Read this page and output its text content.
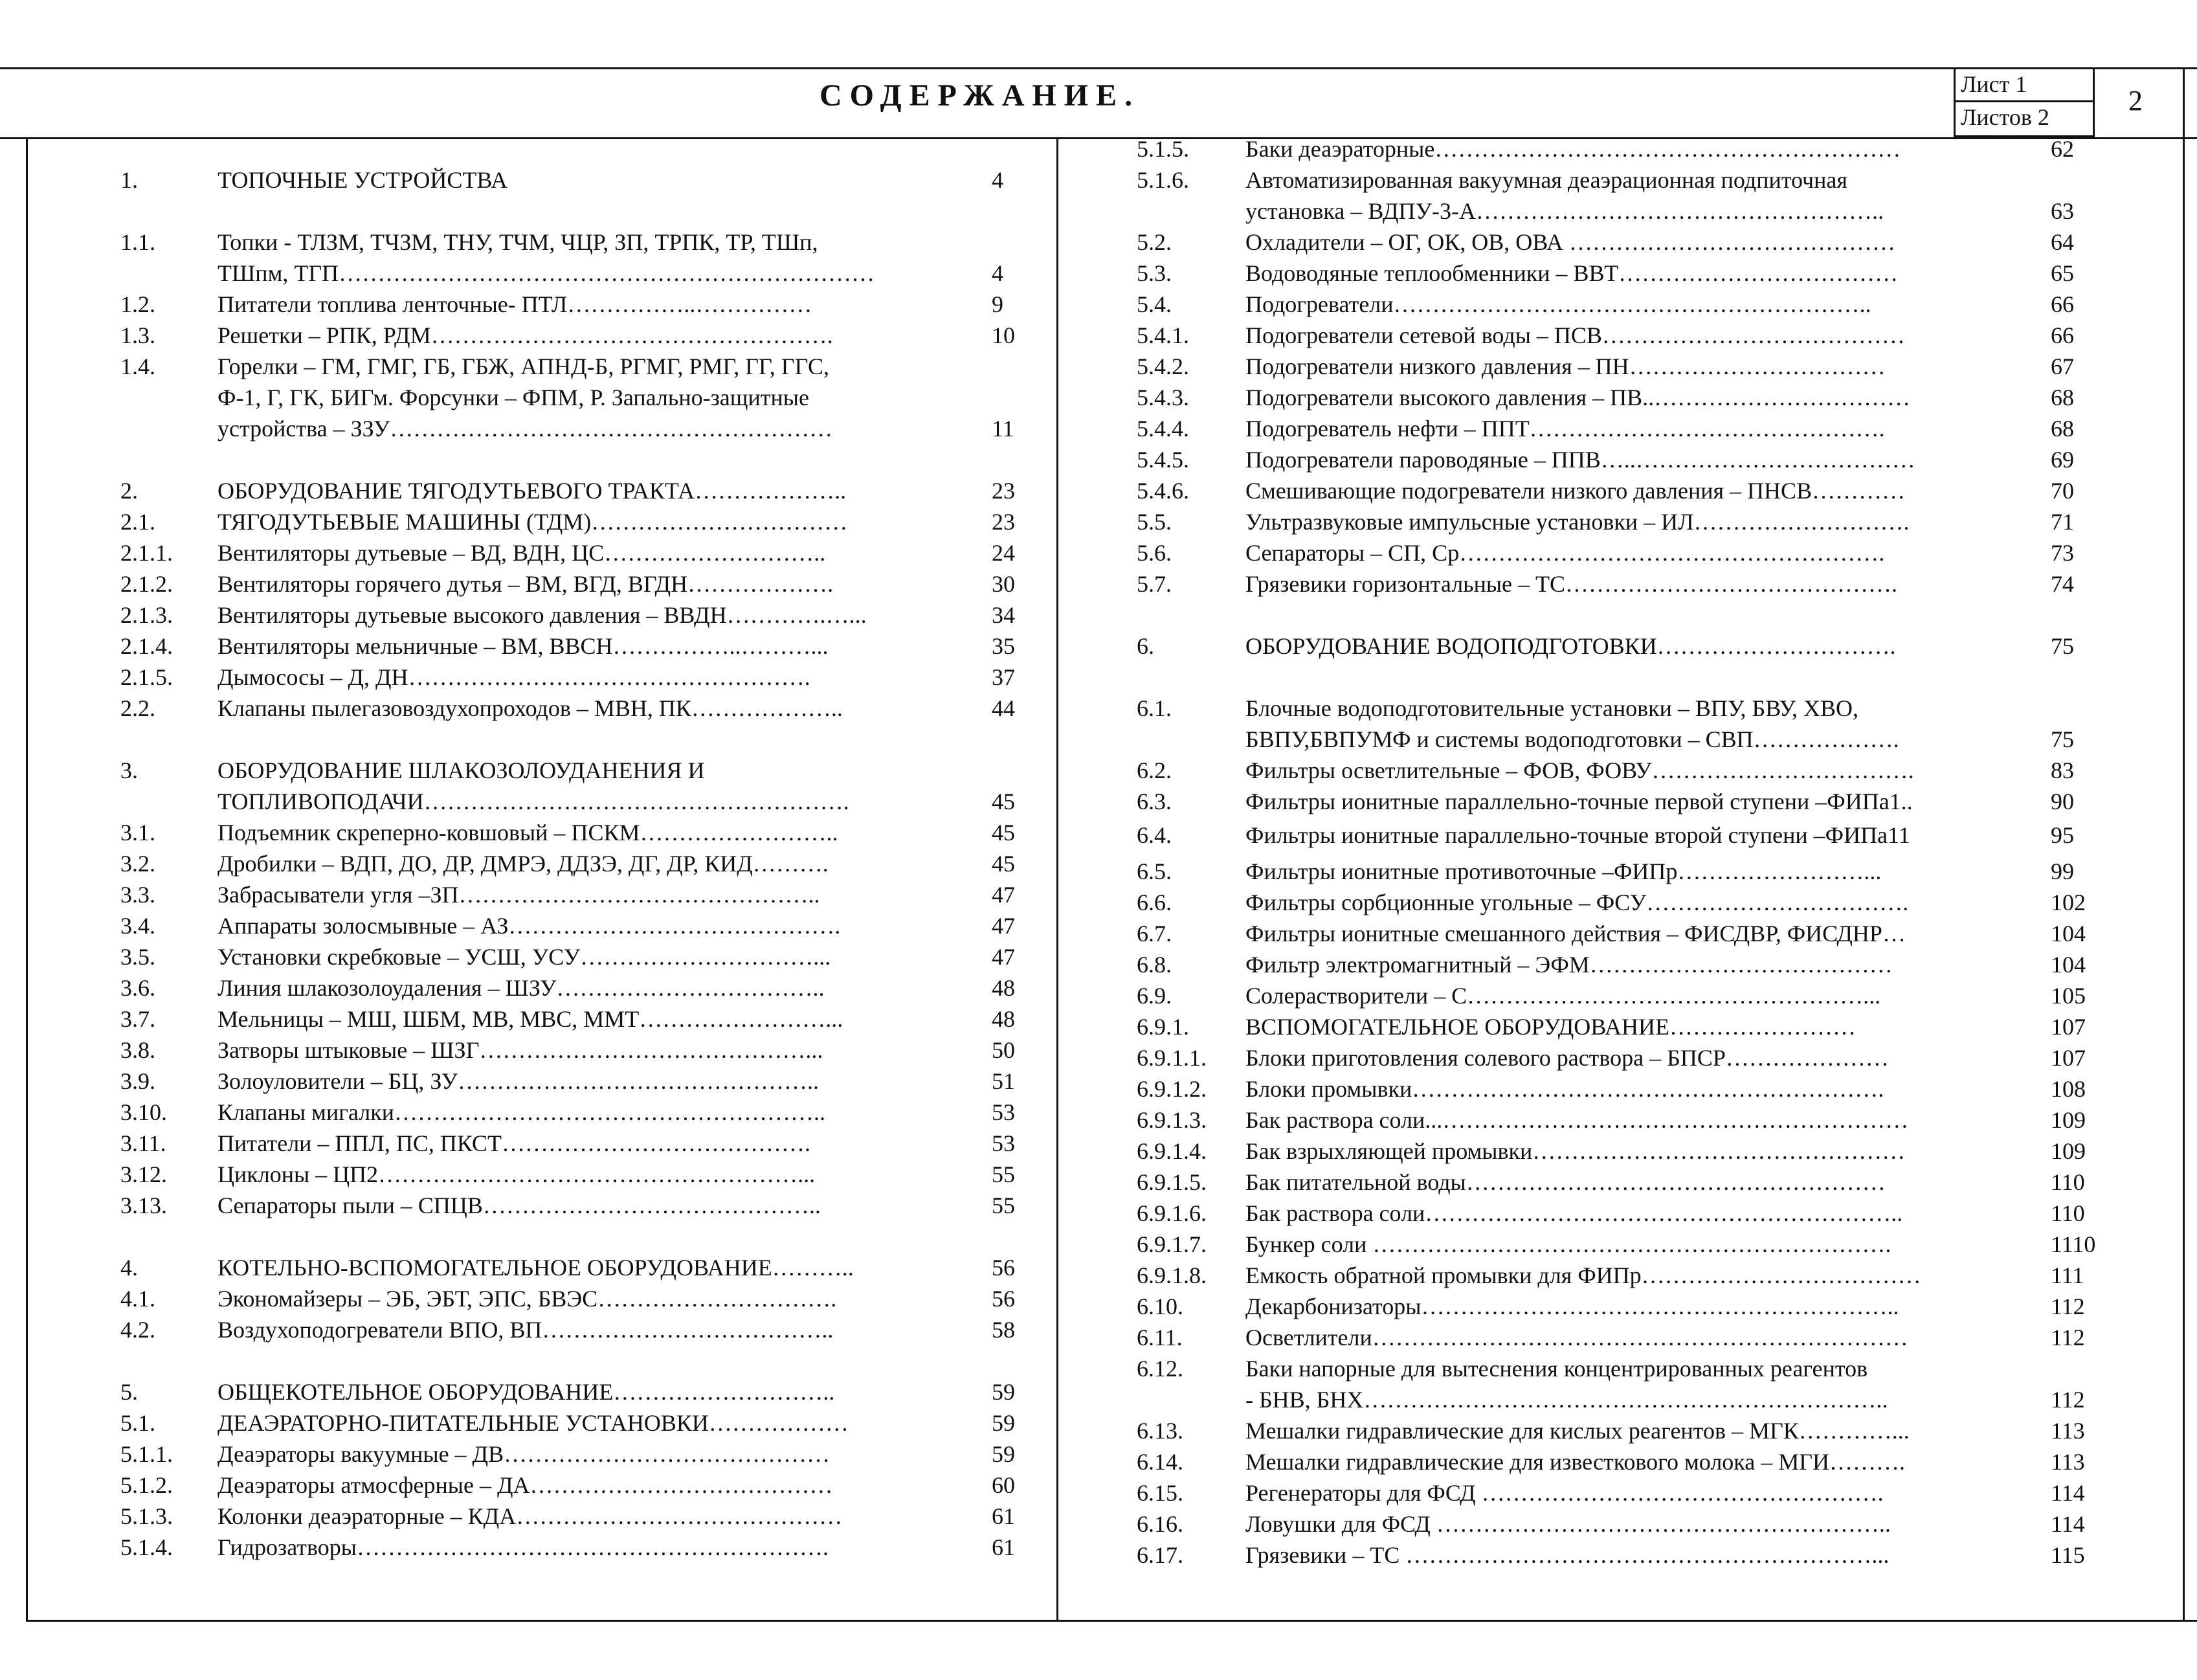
СОДЕРЖАНИЕ.	Лист 1
Листов 2
2
1.	ТОПОЧНЫЕ УСТРОЙСТВА	4
1.1.	Топки - ТЛЗМ, ТЧЗМ, ТНУ, ТЧМ, ЧЦР, ЗП, ТРПК, ТР, ТШп,
ТШпм, ТГП……………………………………………………………	4
1.2.	Питатели топлива ленточные- ПТЛ……………..……………	9
1.3.	Решетки – РПК, РДМ…………………………………………….	10
1.4.	Горелки – ГМ, ГМГ, ГБ, ГБЖ, АПНД-Б, РГМГ, РМГ, ГГ, ГГС,
Ф-1, Г, ГК, БИГм. Форсунки – ФПМ, Р. Запально-защитные
устройства – ЗЗУ…………………………………………………	11
2.	ОБОРУДОВАНИЕ ТЯГОДУТЬЕВОГО ТРАКТА………………..	23
2.1.	ТЯГОДУТЬЕВЫЕ МАШИНЫ (ТДМ)……………………………	23
2.1.1. Вентиляторы дутьевые – ВД, ВДН, ЦС………………………..	24
2.1.2. Вентиляторы горячего дутья – ВМ, ВГД, ВГДН……………….	30
2.1.3. Вентиляторы дутьевые высокого давления – ВВДН………….…...	34
2.1.4. Вентиляторы мельничные – ВМ, ВВСН……………..………...	35
2.1.5. Дымососы – Д, ДН…………………………………………….	37
2.2.	Клапаны пылегазовоздухопроходов – МВН, ПК………………..	44
3.	ОБОРУДОВАНИЕ ШЛАКОЗОЛОУДАНЕНИЯ И
ТОПЛИВОПОДАЧИ……………………………………………….	45
3.1.	Подъемник скреперно-ковшовый – ПСКМ……………………..	45
3.2.	Дробилки – ВДП, ДО, ДР, ДМРЭ, ДДЗЭ, ДГ, ДР, КИД……….	45
3.3.	Забрасыватели угля –ЗП………………………………………..	47
3.4.	Аппараты золосмывные – АЗ…………………………………….	47
3.5.	Установки скребковые – УСШ, УСУ…………………………...	47
3.6.	Линия шлакозолоудаления – ШЗУ……………………………..	48
3.7.	Мельницы – МШ, ШБМ, МВ, МВС, ММТ……………………...	48
3.8.	Затворы штыковые – ШЗГ……………………………………...	50
3.9.	Золоуловители – БЦ, ЗУ………………………………………..	51
3.10. Клапаны мигалки………………………………………………..	53
3.11. Питатели – ППЛ, ПС, ПКСТ………………………………….	53
3.12. Циклоны – ЦП2………………………………………………...	55
3.13. Сепараторы пыли – СПЦВ……………………………………..	55
4.	КОТЕЛЬНО-ВСПОМОГАТЕЛЬНОЕ ОБОРУДОВАНИЕ………..	56
4.1.	Экономайзеры – ЭБ, ЭБТ, ЭПС, БВЭС………………………….	56
4.2.	Воздухоподогреватели ВПО, ВП………………………………..	58
5.	ОБЩЕКОТЕЛЬНОЕ ОБОРУДОВАНИЕ………………………..	59
5.1.	ДЕАЭРАТОРНО-ПИТАТЕЛЬНЫЕ УСТАНОВКИ………………	59
5.1.1. Деаэраторы вакуумные – ДВ……………………………………	59
5.1.2. Деаэраторы атмосферные – ДА…………………………………	60
5.1.3. Колонки деаэраторные – КДА……………………………………	61
5.1.4. Гидрозатворы…………………………………………………….	61
5.1.5. Баки деаэраторные……………………………………………………	62
5.1.6. Автоматизированная вакуумная деаэрационная подпиточная
установка – ВДПУ-3-А……………………………………………..	63
5.2.	Охладители – ОГ, ОК, ОВ, ОВА ……………………………………	64
5.3.	Водоводяные теплообменники – ВВТ………………………………	65
5.4.	Подогреватели……………………………………………………..	66
5.4.1. Подогреватели сетевой воды – ПСВ…………………………………	66
5.4.2. Подогреватели низкого давления – ПН……………………………	67
5.4.3. Подогреватели высокого давления – ПВ..……………………………	68
5.4.4. Подогреватель нефти – ППТ……………………………………….	68
5.4.5. Подогреватели пароводяные – ППВ…..………………………………	69
5.4.6. Смешивающие подогреватели низкого давления – ПНСВ…………	70
5.5.	Ультразвуковые импульсные установки – ИЛ……………………….	71
5.6.	Сепараторы – СП, Ср……………………………………………….	73
5.7.	Грязевики горизонтальные – ТС…………………………………….	74
6.	ОБОРУДОВАНИЕ ВОДОПОДГОТОВКИ………………………….	75
6.1.	Блочные водоподготовительные установки – ВПУ, БВУ, ХВО,
БВПУ,БВПУМФ и системы водоподготовки – СВП……………….	75
6.2.	Фильтры осветлительные – ФОВ, ФОВУ…………………………….	83
6.3.	Фильтры ионитные параллельно-точные первой ступени –ФИПа1..	90
6.4.	Фильтры ионитные параллельно-точные второй ступени –ФИПа11	95
6.5.	Фильтры ионитные противоточные –ФИПр……………………...	99
6.6.	Фильтры сорбционные угольные – ФСУ…………………………….	102
6.7.	Фильтры ионитные смешанного действия – ФИСДВР, ФИСДНР…	104
6.8.	Фильтр электромагнитный – ЭФМ…………………………………	104
6.9.	Солерастворители – С……………………………………………...	105
6.9.1. ВСПОМОГАТЕЛЬНОЕ ОБОРУДОВАНИЕ……………………	107
6.9.1.1. Блоки приготовления солевого раствора – БПСР…………………	107
6.9.1.2. Блоки промывки…………………………………………………….	108
6.9.1.3. Бак раствора соли...……………………………………………………	109
6.9.1.4. Бак взрыхляющей промывки…………………………………………	109
6.9.1.5. Бак питательной воды………………………………………………	110
6.9.1.6. Бак раствора соли……………………………………………………..	110
6.9.1.7. Бункер соли ………………………………………………………….	1110
6.9.1.8. Емкость обратной промывки для ФИПр………………………………	111
6.10.	Декарбонизаторы……………………………………………………..	112
6.11.	Осветлители……………………………………………………………	112
6.12.	Баки напорные для вытеснения концентрированных реагентов
- БНВ, БНХ…………………………………………………………..	112
6.13.	Мешалки гидравлические для кислых реагентов – МГК…………...	113
6.14.	Мешалки гидравлические для известкового молока – МГИ……….	113
6.15.	Регенераторы для ФСД …………………………………………….	114
6.16.	Ловушки для ФСД …………………………………………………..	114
6.17.	Грязевики – ТС ……………………………………………………...	115
